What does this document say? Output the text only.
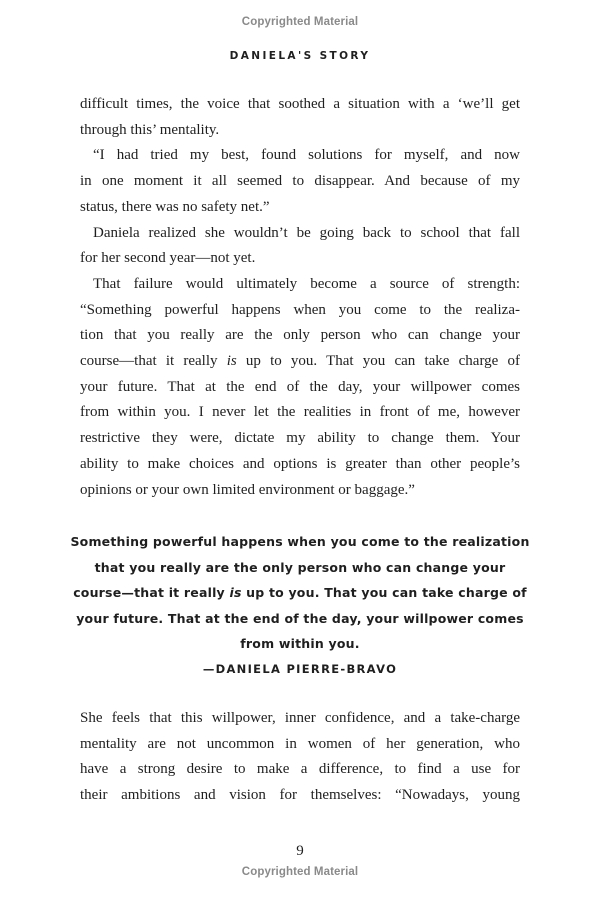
Copyrighted Material
DANIELA'S STORY
difficult times, the voice that soothed a situation with a ‘we’ll get
through this’ mentality.
“I had tried my best, found solutions for myself, and now
in one moment it all seemed to disappear. And because of my
status, there was no safety net.”
Daniela realized she wouldn’t be going back to school that fall
for her second year—not yet.
That failure would ultimately become a source of strength:
“Something powerful happens when you come to the realiza-
tion that you really are the only person who can change your
course—that it really is up to you. That you can take charge of
your future. That at the end of the day, your willpower comes
from within you. I never let the realities in front of me, however
restrictive they were, dictate my ability to change them. Your
ability to make choices and options is greater than other people’s
opinions or your own limited environment or baggage.”
Something powerful happens when you come to the realization
that you really are the only person who can change your
course—that it really is up to you. That you can take charge of
your future. That at the end of the day, your willpower comes
from within you.
—DANIELA PIERRE-BRAVO
She feels that this willpower, inner confidence, and a take-charge
mentality are not uncommon in women of her generation, who
have a strong desire to make a difference, to find a use for
their ambitions and vision for themselves: “Nowadays, young
9
Copyrighted Material
